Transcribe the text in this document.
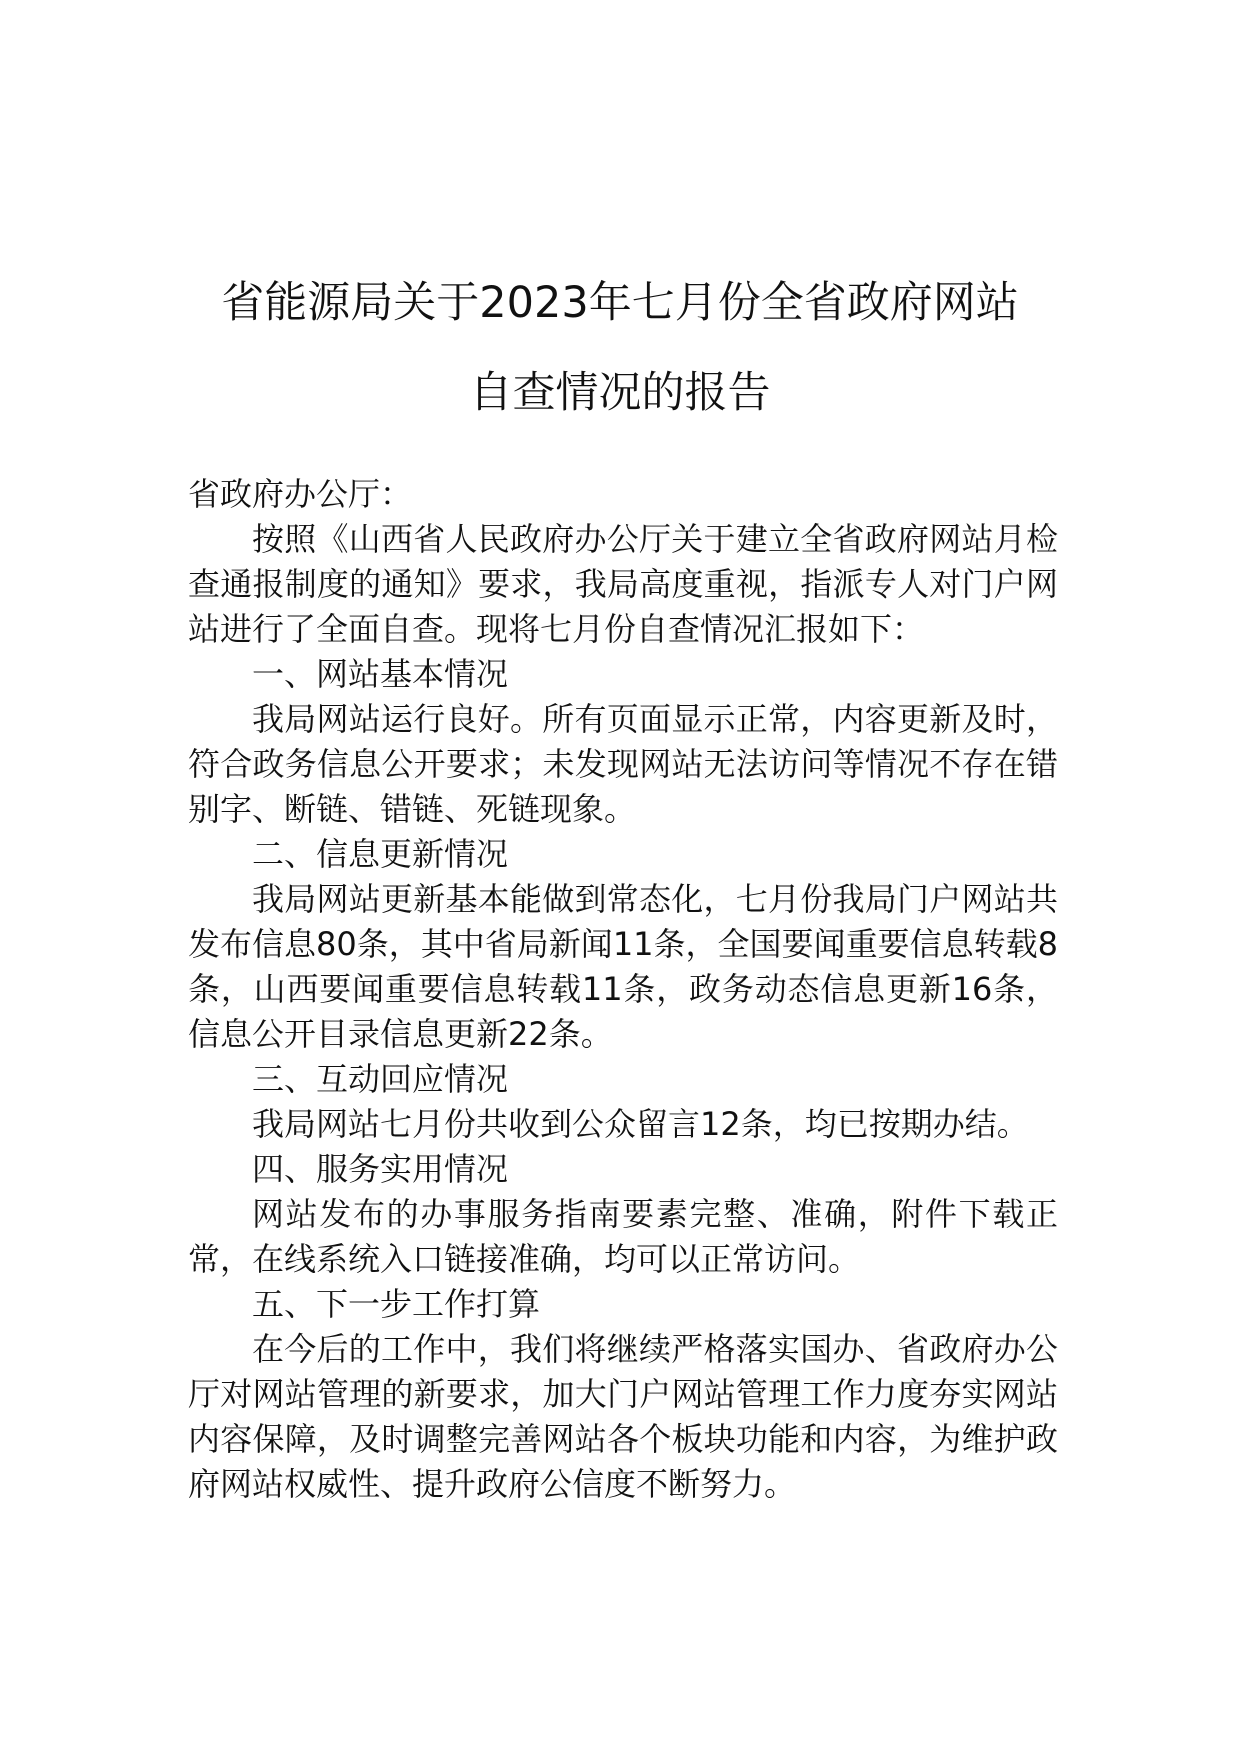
省能源局关于2023年七月份全省政府网站
自查情况的报告

省政府办公厅：

按照《山西省人民政府办公厅关于建立全省政府网站月检查通报制度的通知》要求，我局高度重视，指派专人对门户网站进行了全面自查。现将七月份自查情况汇报如下：

一、网站基本情况

我局网站运行良好。所有页面显示正常，内容更新及时，符合政务信息公开要求；未发现网站无法访问等情况不存在错别字、断链、错链、死链现象。

二、信息更新情况

我局网站更新基本能做到常态化，七月份我局门户网站共发布信息80条，其中省局新闻11条，全国要闻重要信息转载8条，山西要闻重要信息转载11条，政务动态信息更新16条，信息公开目录信息更新22条。

三、互动回应情况

我局网站七月份共收到公众留言12条，均已按期办结。

四、服务实用情况

网站发布的办事服务指南要素完整、准确，附件下载正常，在线系统入口链接准确，均可以正常访问。

五、下一步工作打算

在今后的工作中，我们将继续严格落实国办、省政府办公厅对网站管理的新要求，加大门户网站管理工作力度夯实网站内容保障，及时调整完善网站各个板块功能和内容，为维护政府网站权威性、提升政府公信度不断努力。
